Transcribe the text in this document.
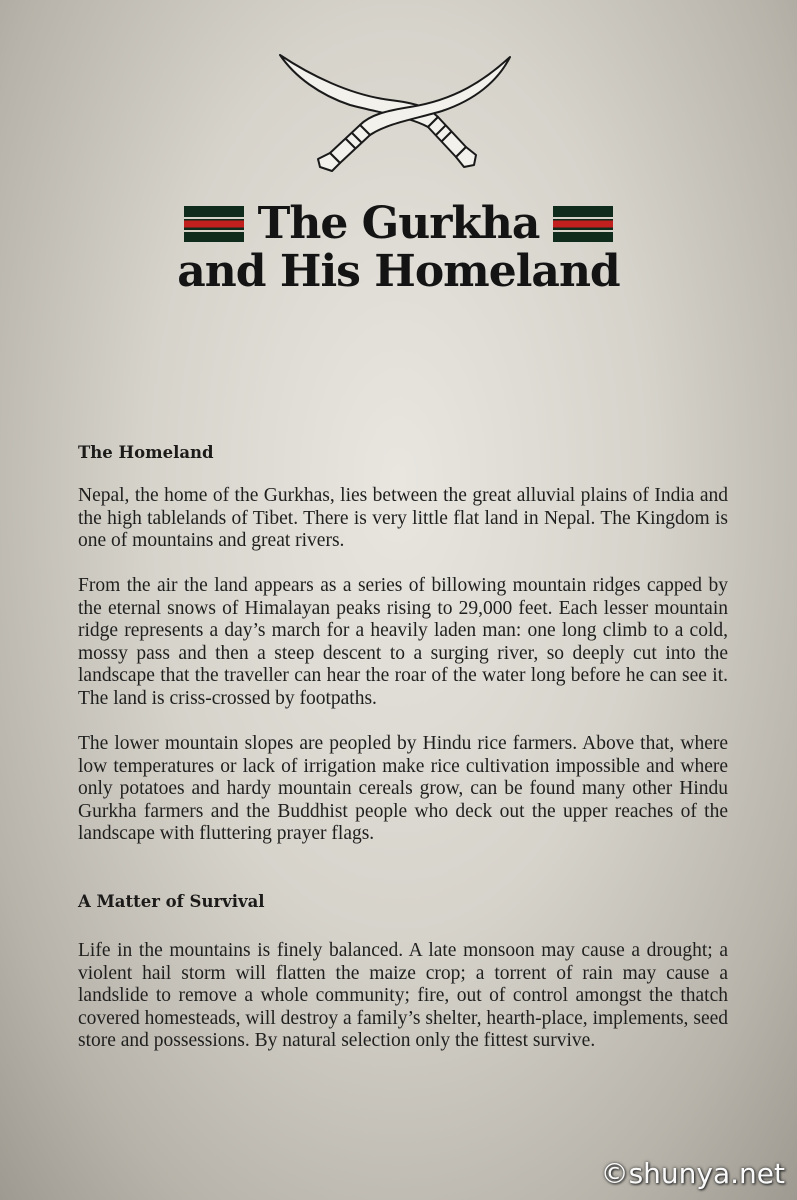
The Gurkha
and His Homeland
The Homeland

Nepal, the home of the Gurkhas, lies between the great alluvial plains of India and the high tablelands of Tibet. There is very little flat land in Nepal. The Kingdom is one of mountains and great rivers.

From the air the land appears as a series of billowing mountain ridges capped by the eternal snows of Himalayan peaks rising to 29,000 feet. Each lesser mountain ridge represents a day’s march for a heavily laden man: one long climb to a cold, mossy pass and then a steep descent to a surging river, so deeply cut into the landscape that the traveller can hear the roar of the water long before he can see it. The land is criss-crossed by footpaths.

The lower mountain slopes are peopled by Hindu rice farmers. Above that, where low temperatures or lack of irrigation make rice cultivation impossible and where only potatoes and hardy mountain cereals grow, can be found many other Hindu Gurkha farmers and the Buddhist people who deck out the upper reaches of the landscape with fluttering prayer flags.

A Matter of Survival

Life in the mountains is finely balanced. A late monsoon may cause a drought; a violent hail storm will flatten the maize crop; a torrent of rain may cause a landslide to remove a whole community; fire, out of control amongst the thatch covered homesteads, will destroy a family’s shelter, hearth-place, implements, seed store and possessions. By natural selection only the fittest survive.

©shunya.net
